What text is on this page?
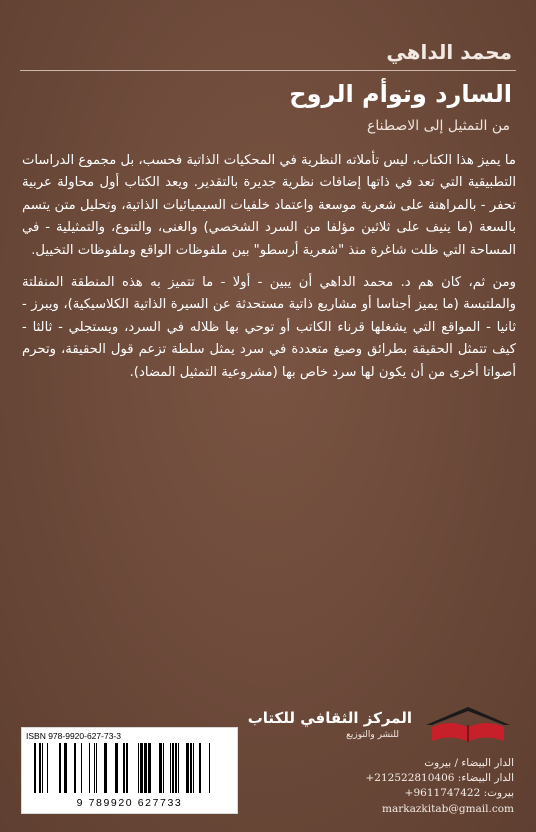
محمد الداهي
السارد وتوأم الروح
من التمثيل إلى الاصطناع

ما يميز هذا الكتاب، ليس تأملاته النظرية في المحكيات الذاتية فحسب، بل مجموع الدراسات التطبيقية التي تعد في ذاتها إضافات نظرية جديرة بالتقدير. ويعد الكتاب أول محاولة عربية تحفر - بالمراهنة على شعرية موسعة واعتماد خلفيات السيميائيات الذاتية، وتحليل متن يتسم بالسعة (ما ينيف على ثلاثين مؤلفا من السرد الشخصي) والغنى، والتنوع، والتمثيلية - في المساحة التي ظلت شاغرة منذ "شعرية أرسطو" بين ملفوظات الواقع وملفوظات التخييل.

ومن ثم، كان هم د. محمد الداهي أن يبين - أولا - ما تتميز به هذه المنطقة المنفلتة والملتبسة (ما يميز أجناسا أو مشاريع ذاتية مستحدثة عن السيرة الذاتية الكلاسيكية)، ويبرز - ثانيا - المواقع التي يشغلها قرناء الكاتب أو توحي بها ظلاله في السرد، ويستجلي - ثالثا - كيف تتمثل الحقيقة بطرائق وصيغ متعددة في سرد يمثل سلطة تزعم قول الحقيقة، وتحرم أصواتا أخرى من أن يكون لها سرد خاص بها (مشروعية التمثيل المضاد).

ISBN 978-9920-627-73-3
9 789920 627733
المركز الثقافي للكتاب
للنشر والتوزيع
الدار البيضاء / بيروت
الدار البيضاء: 212522810406+
بيروت: 9611747422+
markazkitab@gmail.com
